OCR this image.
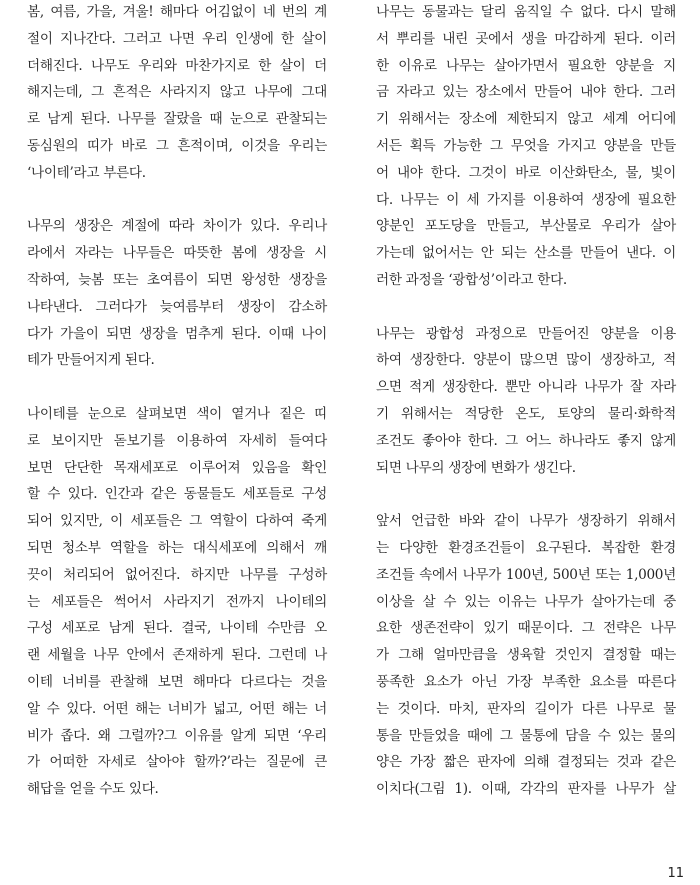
봄, 여름, 가을, 겨울! 해마다 어김없이 네 번의 계
절이 지나간다. 그러고 나면 우리 인생에 한 살이
더해진다. 나무도 우리와 마찬가지로 한 살이 더
해지는데, 그 흔적은 사라지지 않고 나무에 그대
로 남게 된다. 나무를 잘랐을 때 눈으로 관찰되는
동심원의 띠가 바로 그 흔적이며, 이것을 우리는
‘나이테’라고 부른다.
나무의 생장은 계절에 따라 차이가 있다. 우리나
라에서 자라는 나무들은 따뜻한 봄에 생장을 시
작하여, 늦봄 또는 초여름이 되면 왕성한 생장을
나타낸다. 그러다가 늦여름부터 생장이 감소하
다가 가을이 되면 생장을 멈추게 된다. 이때 나이
테가 만들어지게 된다.
나이테를 눈으로 살펴보면 색이 옅거나 짙은 띠
로 보이지만 돋보기를 이용하여 자세히 들여다
보면 단단한 목재세포로 이루어져 있음을 확인
할 수 있다. 인간과 같은 동물들도 세포들로 구성
되어 있지만, 이 세포들은 그 역할이 다하여 죽게
되면 청소부 역할을 하는 대식세포에 의해서 깨
끗이 처리되어 없어진다. 하지만 나무를 구성하
는 세포들은 썩어서 사라지기 전까지 나이테의
구성 세포로 남게 된다. 결국, 나이테 수만큼 오
랜 세월을 나무 안에서 존재하게 된다. 그런데 나
이테 너비를 관찰해 보면 해마다 다르다는 것을
알 수 있다. 어떤 해는 너비가 넓고, 어떤 해는 너
비가 좁다. 왜 그럴까?그 이유를 알게 되면 ‘우리
가 어떠한 자세로 살아야 할까?’라는 질문에 큰
해답을 얻을 수도 있다.
나무는 동물과는 달리 움직일 수 없다. 다시 말해
서 뿌리를 내린 곳에서 생을 마감하게 된다. 이러
한 이유로 나무는 살아가면서 필요한 양분을 지
금 자라고 있는 장소에서 만들어 내야 한다. 그러
기 위해서는 장소에 제한되지 않고 세계 어디에
서든 획득 가능한 그 무엇을 가지고 양분을 만들
어 내야 한다. 그것이 바로 이산화탄소, 물, 빛이
다. 나무는 이 세 가지를 이용하여 생장에 필요한
양분인 포도당을 만들고, 부산물로 우리가 살아
가는데 없어서는 안 되는 산소를 만들어 낸다. 이
러한 과정을 ‘광합성’이라고 한다.
나무는 광합성 과정으로 만들어진 양분을 이용
하여 생장한다. 양분이 많으면 많이 생장하고, 적
으면 적게 생장한다. 뿐만 아니라 나무가 잘 자라
기 위해서는 적당한 온도, 토양의 물리·화학적
조건도 좋아야 한다. 그 어느 하나라도 좋지 않게
되면 나무의 생장에 변화가 생긴다.
앞서 언급한 바와 같이 나무가 생장하기 위해서
는 다양한 환경조건들이 요구된다. 복잡한 환경
조건들 속에서 나무가 100년, 500년 또는 1,000년
이상을 살 수 있는 이유는 나무가 살아가는데 중
요한 생존전략이 있기 때문이다. 그 전략은 나무
가 그해 얼마만큼을 생육할 것인지 결정할 때는
풍족한 요소가 아닌 가장 부족한 요소를 따른다
는 것이다. 마치, 판자의 길이가 다른 나무로 물
통을 만들었을 때에 그 물통에 담을 수 있는 물의
양은 가장 짧은 판자에 의해 결정되는 것과 같은
이치다(그림 1). 이때, 각각의 판자를 나무가 살
11
